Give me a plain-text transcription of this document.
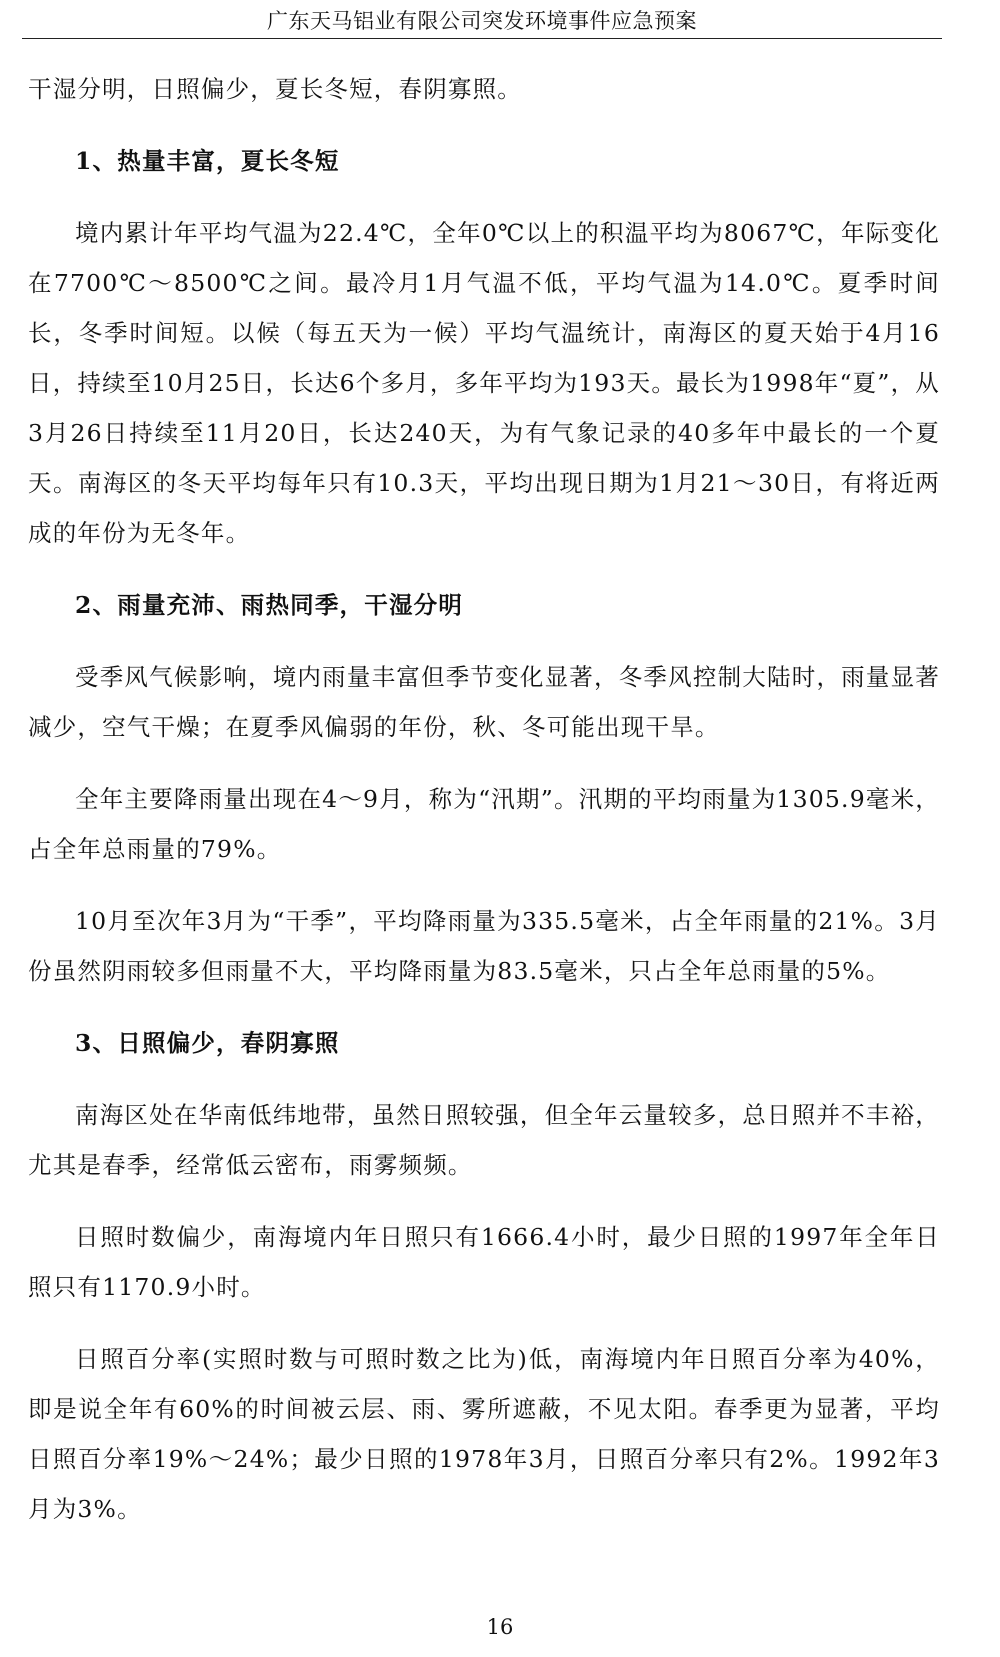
广东天马铝业有限公司突发环境事件应急预案

干湿分明，日照偏少，夏长冬短，春阴寡照。

1、热量丰富，夏长冬短

境内累计年平均气温为22.4℃，全年0℃以上的积温平均为8067℃，年际变化在7700℃～8500℃之间。最冷月1月气温不低，平均气温为14.0℃。夏季时间长，冬季时间短。以候（每五天为一候）平均气温统计，南海区的夏天始于4月16日，持续至10月25日，长达6个多月，多年平均为193天。最长为1998年“夏”，从3月26日持续至11月20日，长达240天，为有气象记录的40多年中最长的一个夏天。南海区的冬天平均每年只有10.3天，平均出现日期为1月21～30日，有将近两成的年份为无冬年。

2、雨量充沛、雨热同季，干湿分明

受季风气候影响，境内雨量丰富但季节变化显著，冬季风控制大陆时，雨量显著减少，空气干燥；在夏季风偏弱的年份，秋、冬可能出现干旱。

全年主要降雨量出现在4～9月，称为“汛期”。汛期的平均雨量为1305.9毫米，占全年总雨量的79%。

10月至次年3月为“干季”，平均降雨量为335.5毫米，占全年雨量的21%。3月份虽然阴雨较多但雨量不大，平均降雨量为83.5毫米，只占全年总雨量的5%。

3、日照偏少，春阴寡照

南海区处在华南低纬地带，虽然日照较强，但全年云量较多，总日照并不丰裕，尤其是春季，经常低云密布，雨雾频频。

日照时数偏少，南海境内年日照只有1666.4小时，最少日照的1997年全年日照只有1170.9小时。

日照百分率(实照时数与可照时数之比为)低，南海境内年日照百分率为40%，即是说全年有60%的时间被云层、雨、雾所遮蔽，不见太阳。春季更为显著，平均日照百分率19%～24%；最少日照的1978年3月，日照百分率只有2%。1992年3月为3%。

16
